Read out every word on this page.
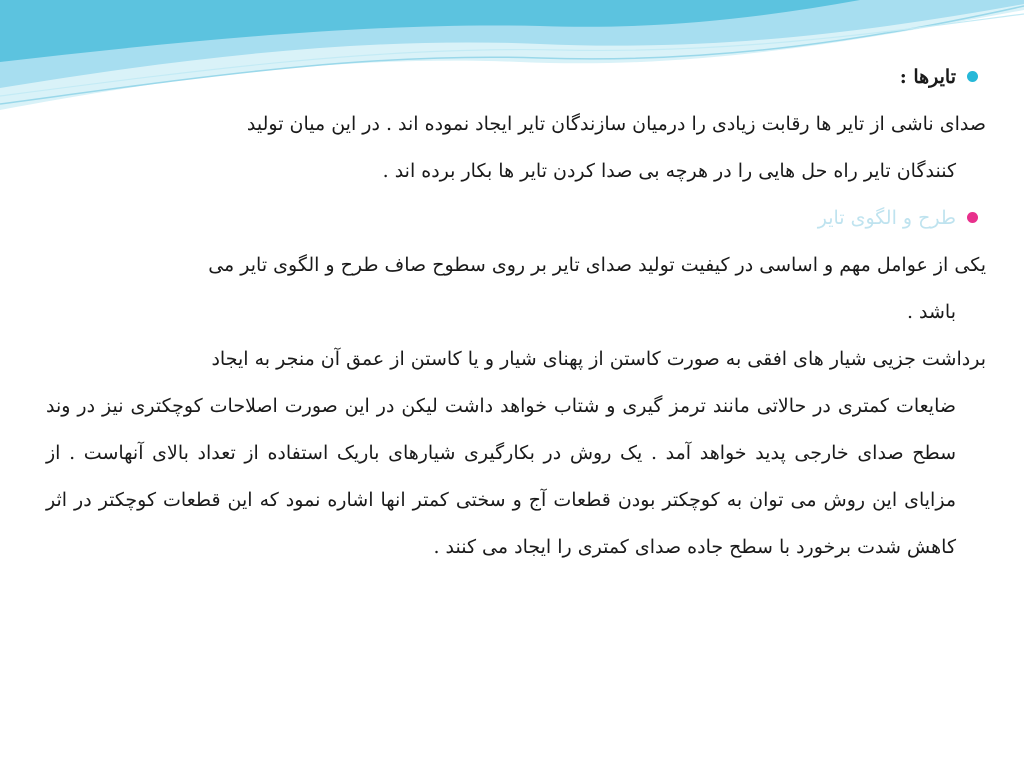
تایرها :

صدای ناشی از تایر ها رقابت زیادی را درمیان سازندگان تایر ایجاد نموده اند . در این میان تولید
کنندگان تایر راه حل هایی را در هرچه بی صدا کردن تایر ها بکار برده اند .

طرح و الگوی تایر

یکی از عوامل مهم و اساسی در کیفیت تولید صدای تایر بر روی سطوح صاف طرح و الگوی تایر می
باشد .

برداشت جزیی شیار های افقی به صورت کاستن از پهنای شیار و یا کاستن از عمق آن منجر به ایجاد
ضایعات کمتری در حالاتی مانند ترمز گیری و شتاب خواهد داشت لیکن در این صورت اصلاحات کوچکتری نیز در وند سطح صدای خارجی پدید خواهد آمد . یک روش در بکارگیری شیارهای باریک استفاده از تعداد بالای آنهاست . از مزایای این روش می توان به کوچکتر بودن قطعات آج و سختی کمتر انها اشاره نمود که این قطعات کوچکتر در اثر کاهش شدت برخورد با سطح جاده صدای کمتری را ایجاد می کنند .
